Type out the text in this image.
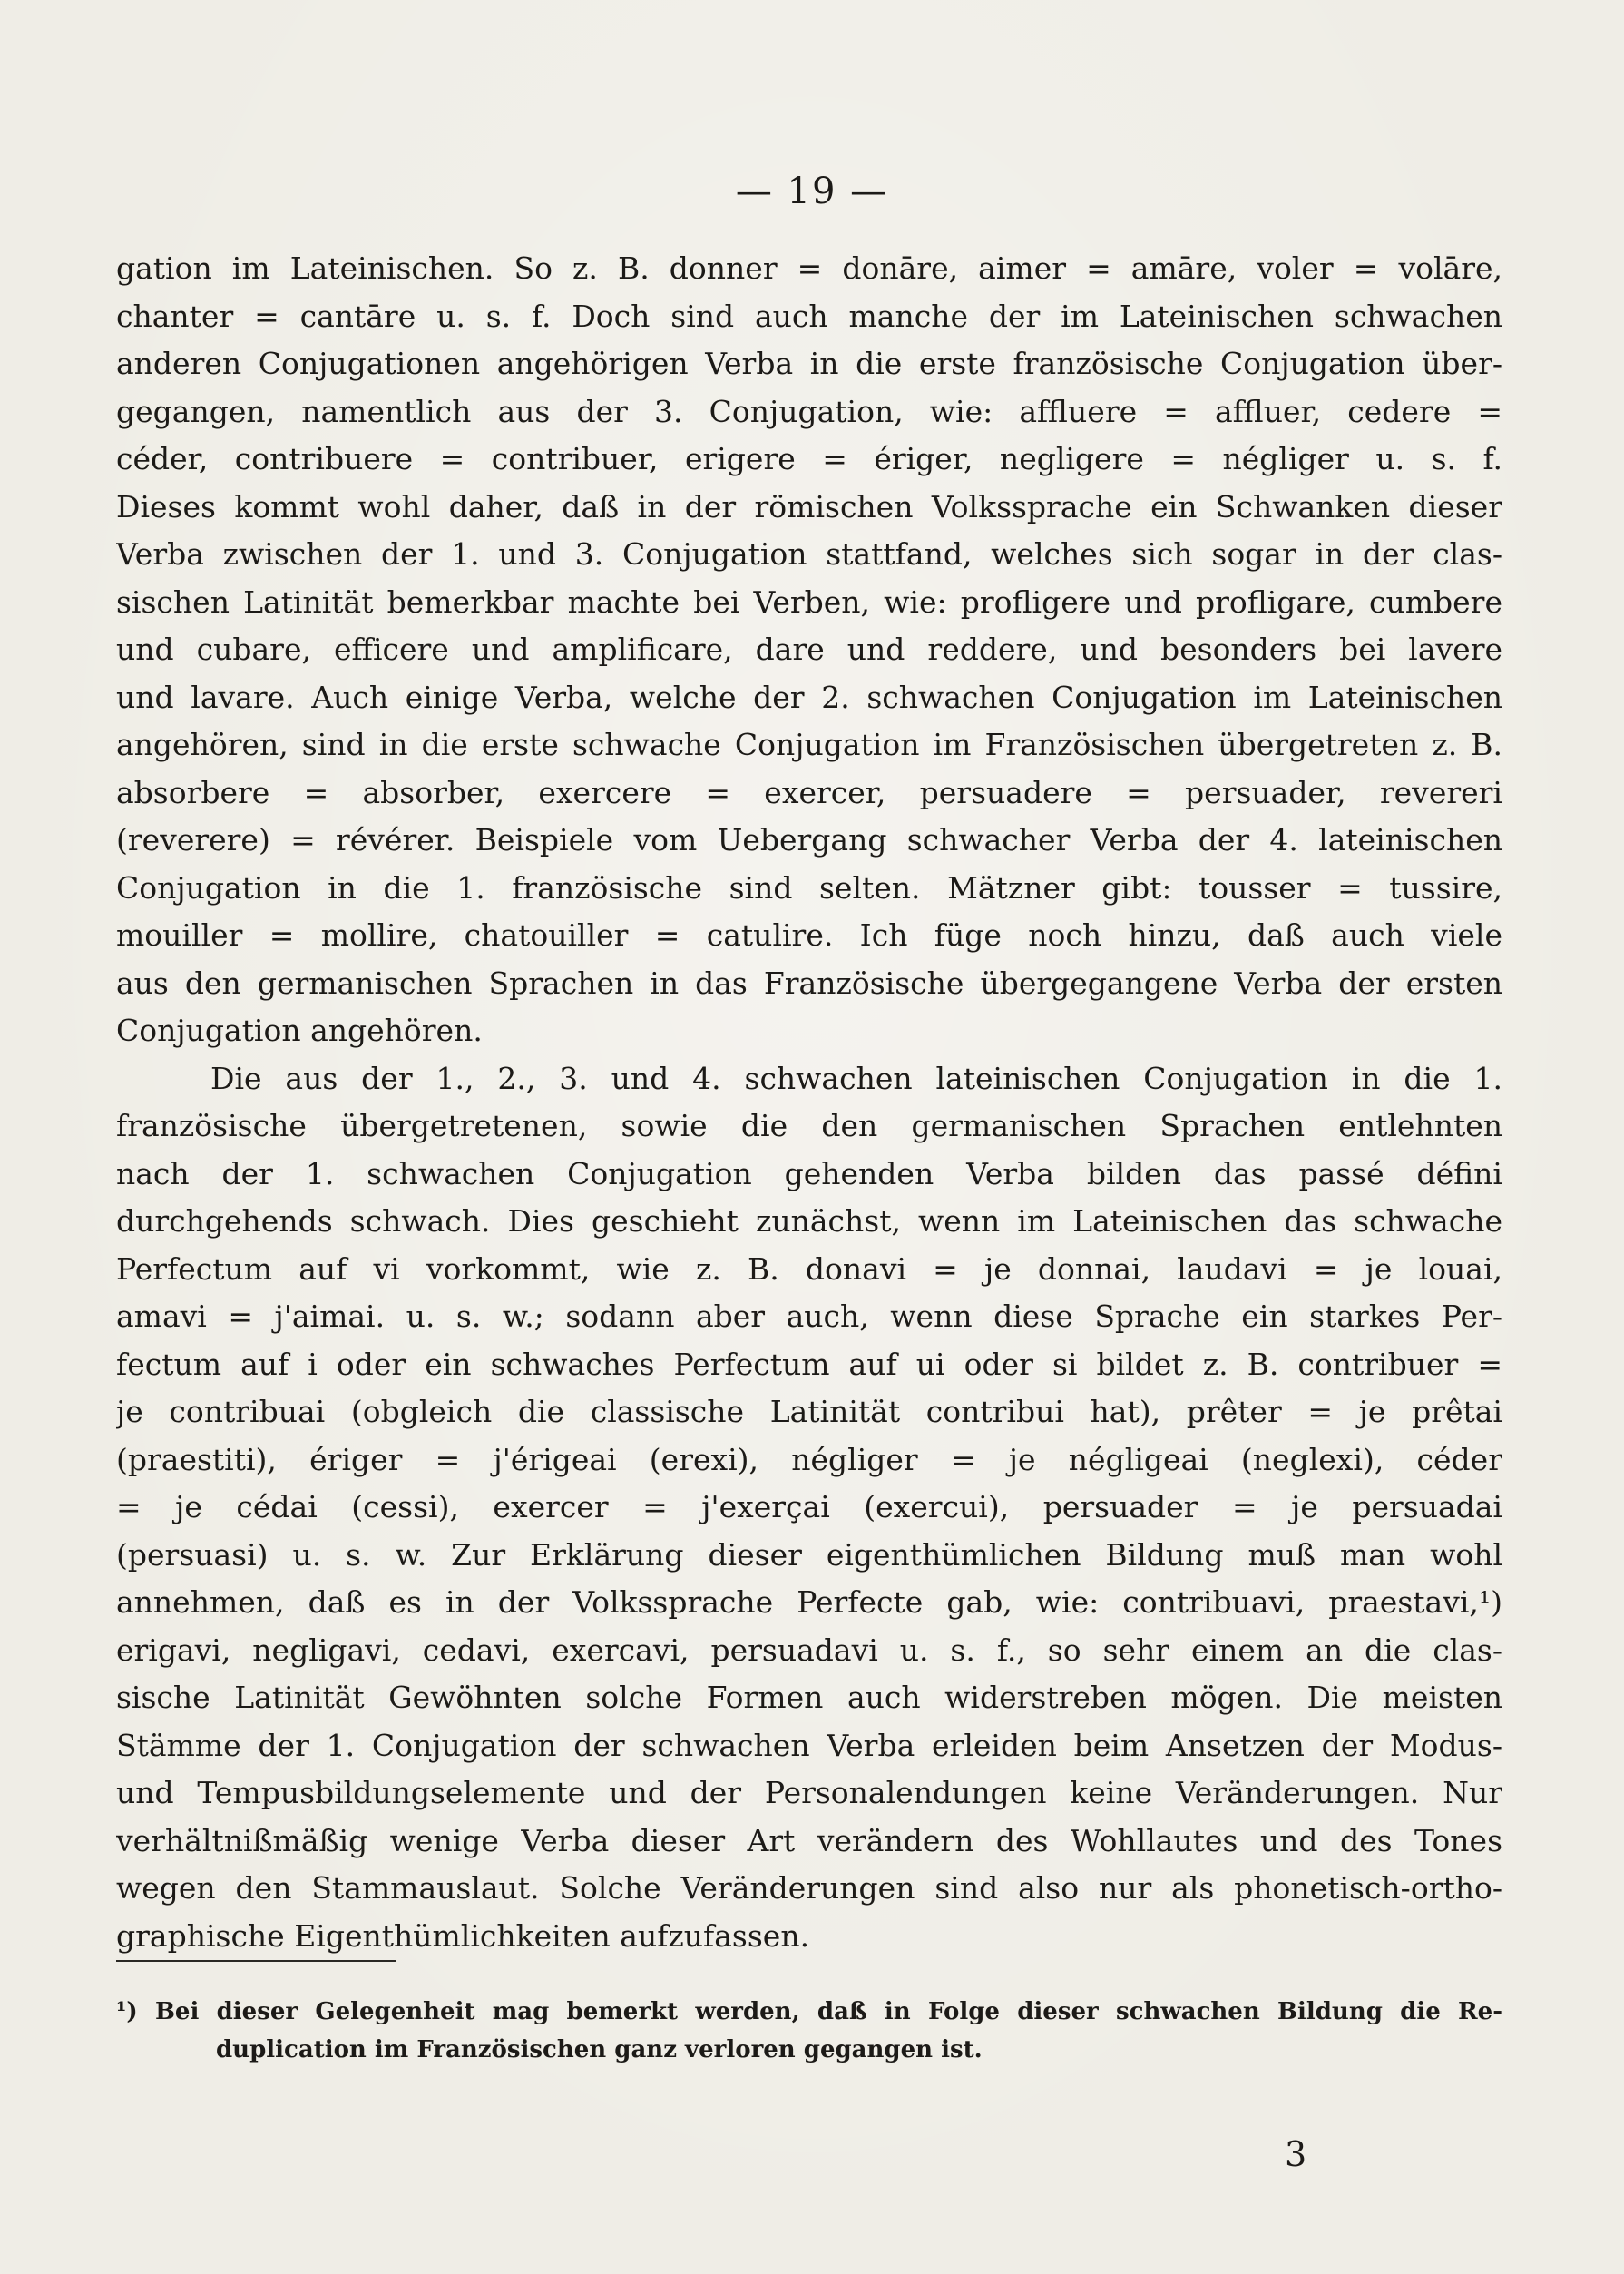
— 19 —
gation im Lateinischen. So z. B. donner = donāre, aimer = amāre, voler = volāre,
chanter = cantāre u. s. f. Doch sind auch manche der im Lateinischen schwachen
anderen Conjugationen angehörigen Verba in die erste französische Conjugation über-
gegangen, namentlich aus der 3. Conjugation, wie: affluere = affluer, cedere =
céder, contribuere = contribuer, erigere = ériger, negligere = négliger u. s. f.
Dieses kommt wohl daher, daß in der römischen Volkssprache ein Schwanken dieser
Verba zwischen der 1. und 3. Conjugation stattfand, welches sich sogar in der clas-
sischen Latinität bemerkbar machte bei Verben, wie: profligere und profligare, cumbere
und cubare, efficere und amplificare, dare und reddere, und besonders bei lavere
und lavare. Auch einige Verba, welche der 2. schwachen Conjugation im Lateinischen
angehören, sind in die erste schwache Conjugation im Französischen übergetreten z. B.
absorbere = absorber, exercere = exercer, persuadere = persuader, revereri
(reverere) = révérer. Beispiele vom Uebergang schwacher Verba der 4. lateinischen
Conjugation in die 1. französische sind selten. Mätzner gibt: tousser = tussire,
mouiller = mollire, chatouiller = catulire. Ich füge noch hinzu, daß auch viele
aus den germanischen Sprachen in das Französische übergegangene Verba der ersten
Conjugation angehören.
Die aus der 1., 2., 3. und 4. schwachen lateinischen Conjugation in die 1.
französische übergetretenen, sowie die den germanischen Sprachen entlehnten
nach der 1. schwachen Conjugation gehenden Verba bilden das passé défini
durchgehends schwach. Dies geschieht zunächst, wenn im Lateinischen das schwache
Perfectum auf vi vorkommt, wie z. B. donavi = je donnai, laudavi = je louai,
amavi = j'aimai. u. s. w.; sodann aber auch, wenn diese Sprache ein starkes Per-
fectum auf i oder ein schwaches Perfectum auf ui oder si bildet z. B. contribuer =
je contribuai (obgleich die classische Latinität contribui hat), prêter = je prêtai
(praestiti), ériger = j'érigeai (erexi), négliger = je négligeai (neglexi), céder
= je cédai (cessi), exercer = j'exerçai (exercui), persuader = je persuadai
(persuasi) u. s. w. Zur Erklärung dieser eigenthümlichen Bildung muß man wohl
annehmen, daß es in der Volkssprache Perfecte gab, wie: contribuavi, praestavi,¹)
erigavi, negligavi, cedavi, exercavi, persuadavi u. s. f., so sehr einem an die clas-
sische Latinität Gewöhnten solche Formen auch widerstreben mögen. Die meisten
Stämme der 1. Conjugation der schwachen Verba erleiden beim Ansetzen der Modus-
und Tempusbildungselemente und der Personalendungen keine Veränderungen. Nur
verhältnißmäßig wenige Verba dieser Art verändern des Wohllautes und des Tones
wegen den Stammauslaut. Solche Veränderungen sind also nur als phonetisch-ortho-
graphische Eigenthümlichkeiten aufzufassen.
¹) Bei dieser Gelegenheit mag bemerkt werden, daß in Folge dieser schwachen Bildung die Re-
duplication im Französischen ganz verloren gegangen ist.
3
